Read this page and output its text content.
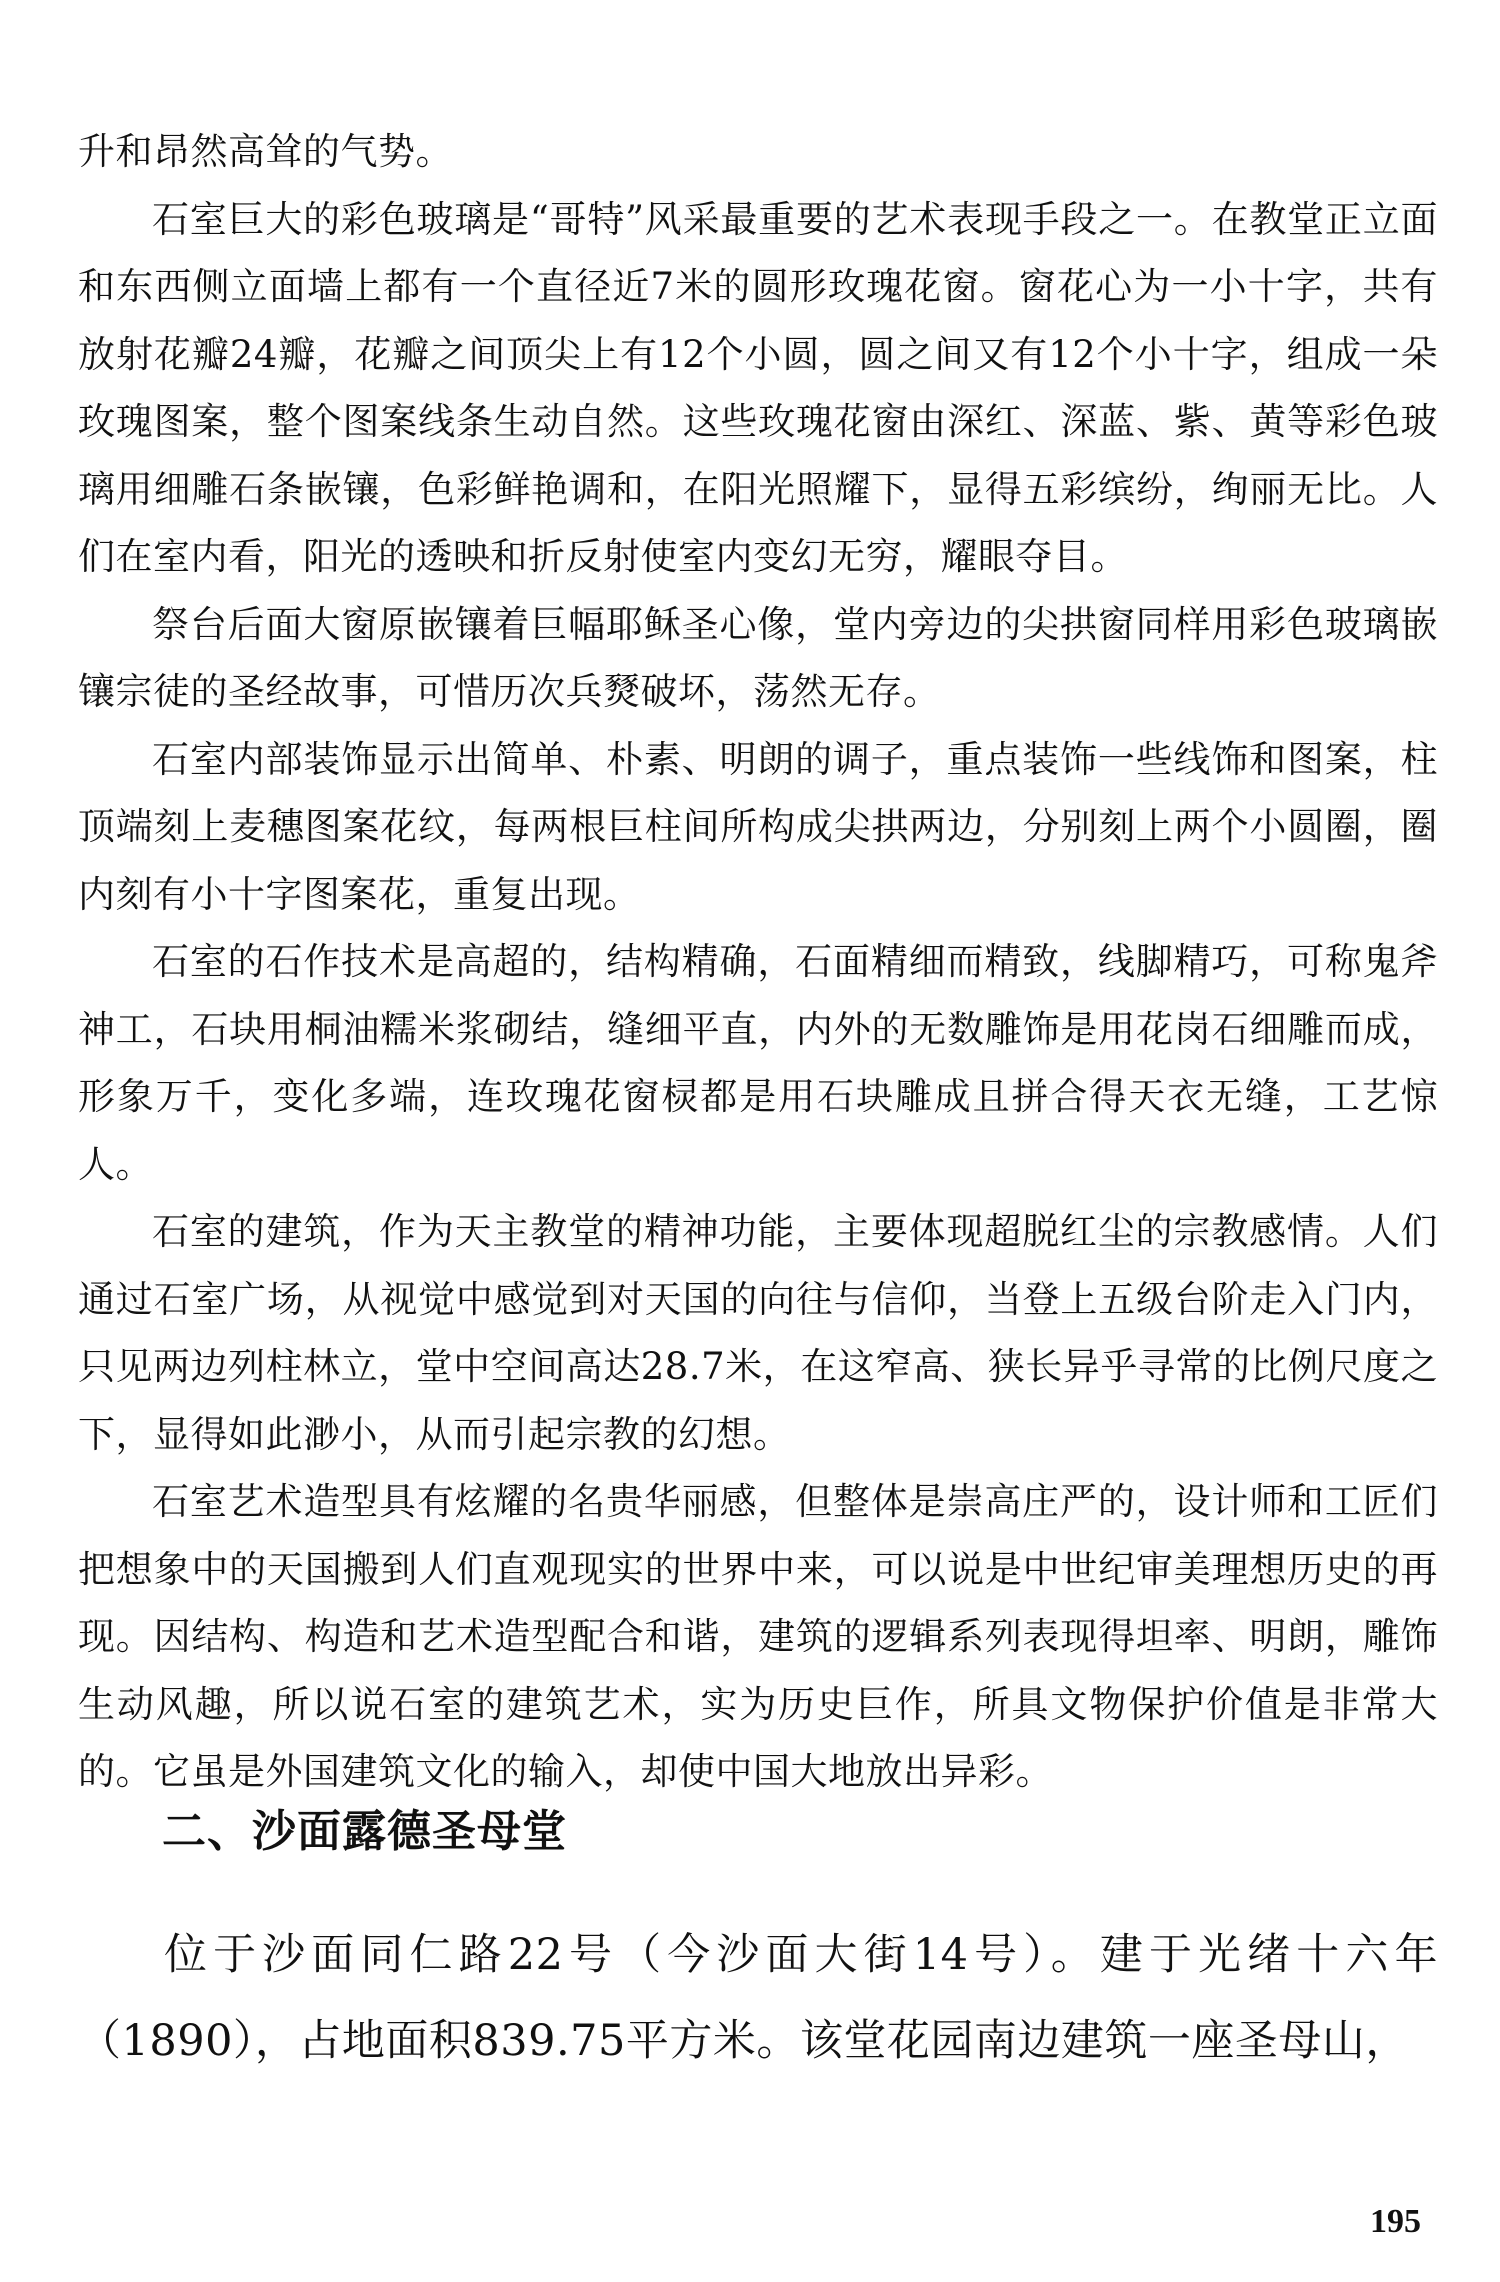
升和昂然高耸的气势。

石室巨大的彩色玻璃是“哥特”风采最重要的艺术表现手段之一。在教堂正立面和东西侧立面墙上都有一个直径近7米的圆形玫瑰花窗。窗花心为一小十字，共有放射花瓣24瓣，花瓣之间顶尖上有12个小圆，圆之间又有12个小十字，组成一朵玫瑰图案，整个图案线条生动自然。这些玫瑰花窗由深红、深蓝、紫、黄等彩色玻璃用细雕石条嵌镶，色彩鲜艳调和，在阳光照耀下，显得五彩缤纷，绚丽无比。人们在室内看，阳光的透映和折反射使室内变幻无穷，耀眼夺目。

祭台后面大窗原嵌镶着巨幅耶稣圣心像，堂内旁边的尖拱窗同样用彩色玻璃嵌镶宗徒的圣经故事，可惜历次兵燹破坏，荡然无存。

石室内部装饰显示出简单、朴素、明朗的调子，重点装饰一些线饰和图案，柱顶端刻上麦穗图案花纹，每两根巨柱间所构成尖拱两边，分别刻上两个小圆圈，圈内刻有小十字图案花，重复出现。

石室的石作技术是高超的，结构精确，石面精细而精致，线脚精巧，可称鬼斧神工，石块用桐油糯米浆砌结，缝细平直，内外的无数雕饰是用花岗石细雕而成，形象万千，变化多端，连玫瑰花窗棂都是用石块雕成且拼合得天衣无缝，工艺惊人。

石室的建筑，作为天主教堂的精神功能，主要体现超脱红尘的宗教感情。人们通过石室广场，从视觉中感觉到对天国的向往与信仰，当登上五级台阶走入门内，只见两边列柱林立，堂中空间高达28.7米，在这窄高、狭长异乎寻常的比例尺度之下，显得如此渺小，从而引起宗教的幻想。

石室艺术造型具有炫耀的名贵华丽感，但整体是崇高庄严的，设计师和工匠们把想象中的天国搬到人们直观现实的世界中来，可以说是中世纪审美理想历史的再现。因结构、构造和艺术造型配合和谐，建筑的逻辑系列表现得坦率、明朗，雕饰生动风趣，所以说石室的建筑艺术，实为历史巨作，所具文物保护价值是非常大的。它虽是外国建筑文化的输入，却使中国大地放出异彩。

二、沙面露德圣母堂

位于沙面同仁路22号（今沙面大街14号）。建于光绪十六年（1890），占地面积839.75平方米。该堂花园南边建筑一座圣母山，

195
